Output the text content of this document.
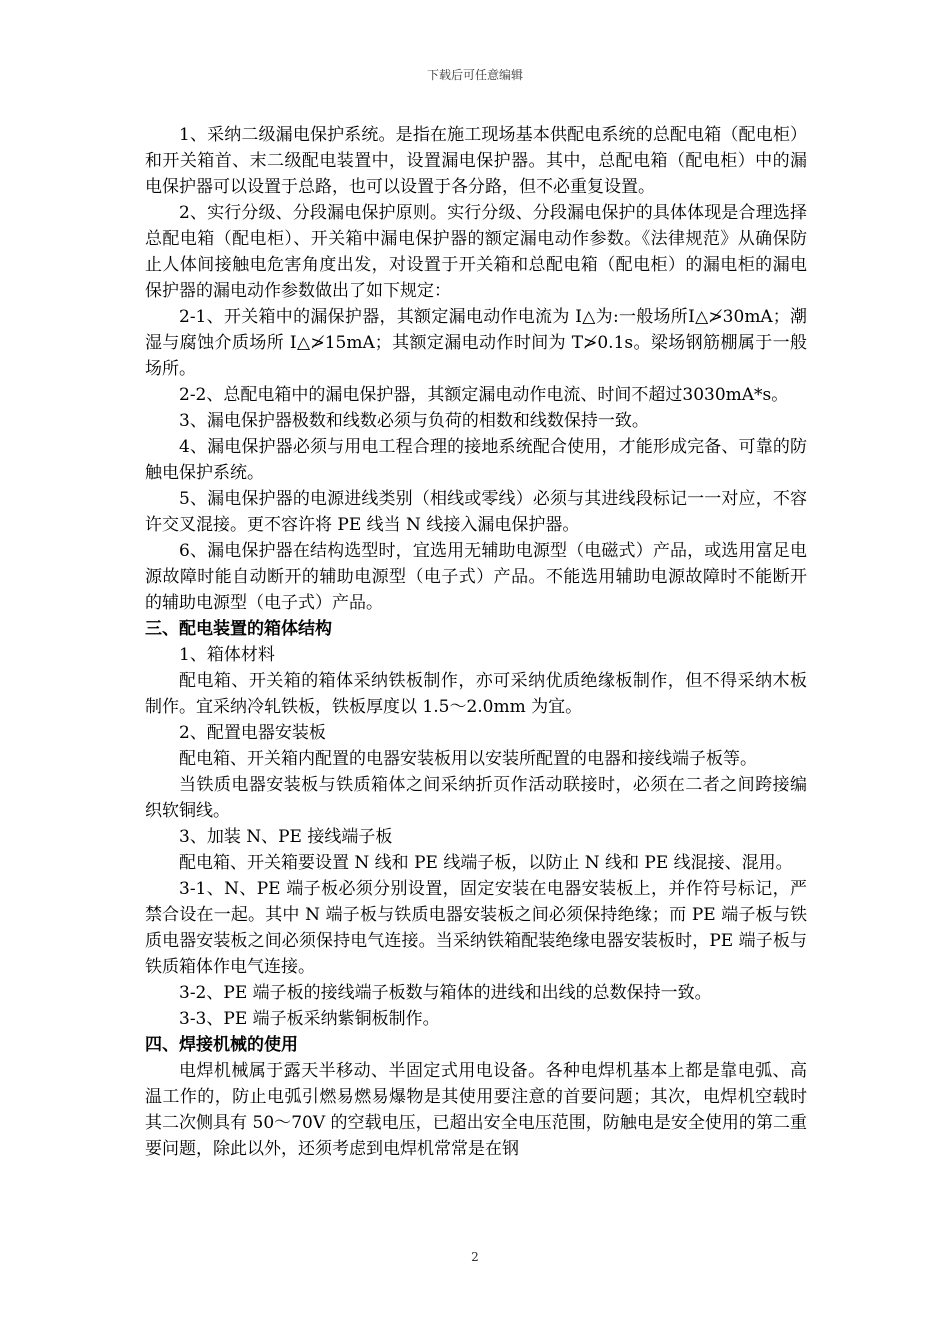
下载后可任意编辑

1、采纳二级漏电保护系统。是指在施工现场基本供配电系统的总配电箱（配电柜）和开关箱首、末二级配电装置中，设置漏电保护器。其中，总配电箱（配电柜）中的漏电保护器可以设置于总路，也可以设置于各分路，但不必重复设置。

2、实行分级、分段漏电保护原则。实行分级、分段漏电保护的具体体现是合理选择总配电箱（配电柜）、开关箱中漏电保护器的额定漏电动作参数。《法律规范》从确保防止人体间接触电危害角度出发，对设置于开关箱和总配电箱（配电柜）的漏电柜的漏电保护器的漏电动作参数做出了如下规定：

2-1、开关箱中的漏保护器，其额定漏电动作电流为 I△为:一般场所I△≯30mA；潮湿与腐蚀介质场所 I△≯15mA；其额定漏电动作时间为 T≯0.1s。梁场钢筋棚属于一般场所。

2-2、总配电箱中的漏电保护器，其额定漏电动作电流、时间不超过3030mA*s。

3、漏电保护器极数和线数必须与负荷的相数和线数保持一致。

4、漏电保护器必须与用电工程合理的接地系统配合使用，才能形成完备、可靠的防触电保护系统。

5、漏电保护器的电源进线类别（相线或零线）必须与其进线段标记一一对应，不容许交叉混接。更不容许将 PE 线当 N 线接入漏电保护器。

6、漏电保护器在结构选型时，宜选用无辅助电源型（电磁式）产品，或选用富足电源故障时能自动断开的辅助电源型（电子式）产品。不能选用辅助电源故障时不能断开的辅助电源型（电子式）产品。

三、配电装置的箱体结构

1、箱体材料

配电箱、开关箱的箱体采纳铁板制作，亦可采纳优质绝缘板制作，但不得采纳木板制作。宜采纳冷轧铁板，铁板厚度以 1.5～2.0mm 为宜。

2、配置电器安装板

配电箱、开关箱内配置的电器安装板用以安装所配置的电器和接线端子板等。

当铁质电器安装板与铁质箱体之间采纳折页作活动联接时，必须在二者之间跨接编织软铜线。

3、加装 N、PE 接线端子板

配电箱、开关箱要设置 N 线和 PE 线端子板，以防止 N 线和 PE 线混接、混用。

3-1、N、PE 端子板必须分别设置，固定安装在电器安装板上，并作符号标记，严禁合设在一起。其中 N 端子板与铁质电器安装板之间必须保持绝缘；而 PE 端子板与铁质电器安装板之间必须保持电气连接。当采纳铁箱配装绝缘电器安装板时，PE 端子板与铁质箱体作电气连接。

3-2、PE 端子板的接线端子板数与箱体的进线和出线的总数保持一致。

3-3、PE 端子板采纳紫铜板制作。

四、焊接机械的使用

电焊机械属于露天半移动、半固定式用电设备。各种电焊机基本上都是靠电弧、高温工作的，防止电弧引燃易燃易爆物是其使用要注意的首要问题；其次，电焊机空载时其二次侧具有 50～70V 的空载电压，已超出安全电压范围，防触电是安全使用的第二重要问题，除此以外，还须考虑到电焊机常常是在钢

2
